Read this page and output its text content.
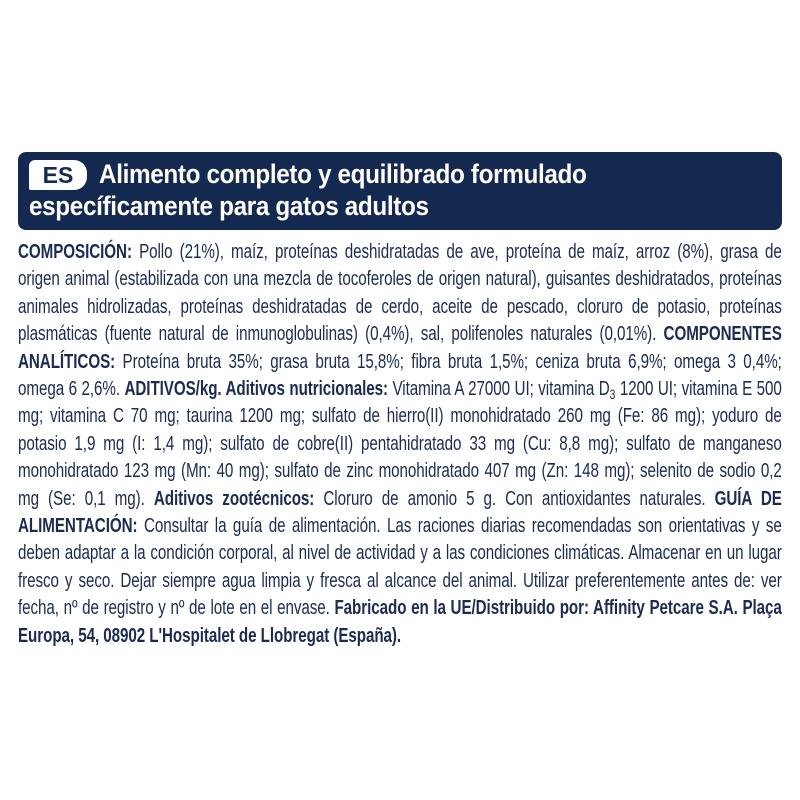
ES Alimento completo y equilibrado formulado
específicamente para gatos adultos
COMPOSICIÓN: Pollo (21%), maíz, proteínas deshidratadas de ave, proteína de maíz, arroz (8%), grasa de origen animal (estabilizada con una mezcla de tocoferoles de origen natural), guisantes deshidratados, proteínas animales hidrolizadas, proteínas deshidratadas de cerdo, aceite de pescado, cloruro de potasio, proteínas plasmáticas (fuente natural de inmunoglobulinas) (0,4%), sal, polifenoles naturales (0,01%). COMPONENTES ANALÍTICOS: Proteína bruta 35%; grasa bruta 15,8%; fibra bruta 1,5%; ceniza bruta 6,9%; omega 3 0,4%; omega 6 2,6%. ADITIVOS/kg. Aditivos nutricionales: Vitamina A 27000 UI; vitamina $D_3$ 1200 UI; vitamina E 500 mg; vitamina C 70 mg; taurina 1200 mg; sulfato de hierro(II) monohidratado 260 mg (Fe: 86 mg); yoduro de potasio 1,9 mg (I: 1,4 mg); sulfato de cobre(II) pentahidratado 33 mg (Cu: 8,8 mg); sulfato de manganeso monohidratado 123 mg (Mn: 40 mg); sulfato de zinc monohidratado 407 mg (Zn: 148 mg); selenito de sodio 0,2 mg (Se: 0,1 mg). Aditivos zootécnicos: Cloruro de amonio 5 g. Con antioxidantes naturales. GUÍA DE ALIMENTACIÓN: Consultar la guía de alimentación. Las raciones diarias recomendadas son orientativas y se deben adaptar a la condición corporal, al nivel de actividad y a las condiciones climáticas. Almacenar en un lugar fresco y seco. Dejar siempre agua limpia y fresca al alcance del animal. Utilizar preferentemente antes de: ver fecha, nº de registro y nº de lote en el envase. Fabricado en la UE/Distribuido por: Affinity Petcare S.A. Plaça Europa, 54, 08902 L'Hospitalet de Llobregat (España).
